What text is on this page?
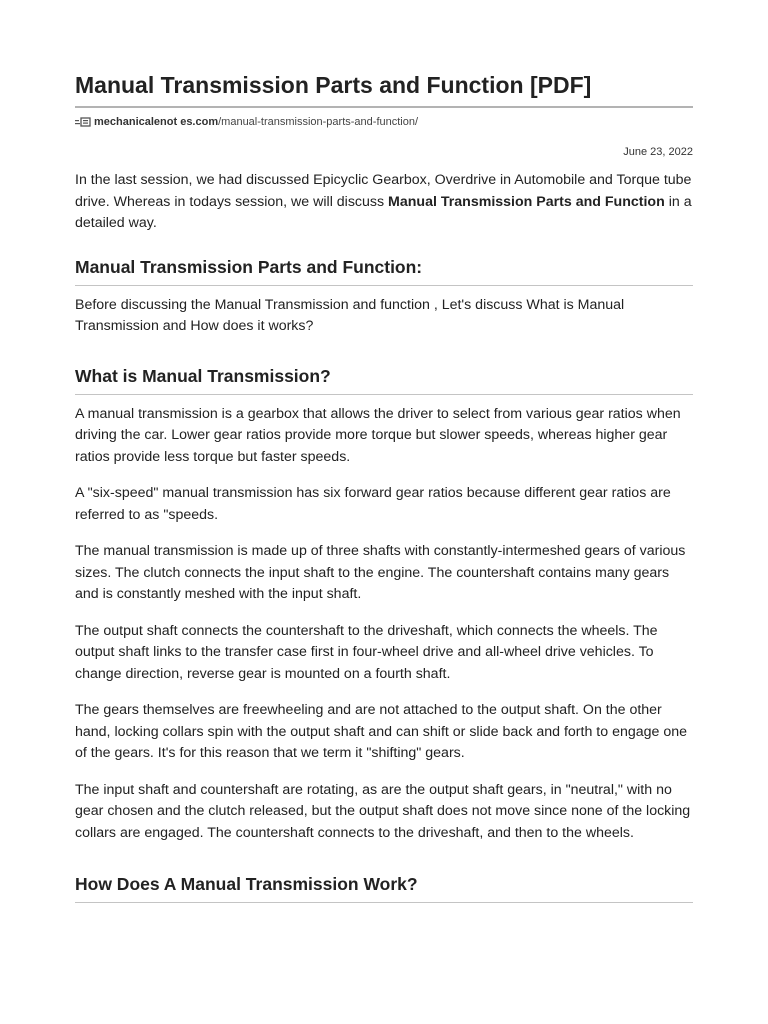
Manual Transmission Parts and Function [PDF]
mechanicalenot es.com /manual-transmission-parts-and-function/
June 23, 2022

In the last session, we had discussed Epicyclic Gearbox, Overdrive in Automobile and Torque tube drive. Whereas in todays session, we will discuss Manual Transmission Parts and Function in a detailed way.

Manual Transmission Parts and Function:

Before discussing the Manual Transmission and function , Let's discuss What is Manual Transmission and How does it works?

What is Manual Transmission?

A manual transmission is a gearbox that allows the driver to select from various gear ratios when driving the car. Lower gear ratios provide more torque but slower speeds, whereas higher gear ratios provide less torque but faster speeds.

A "six-speed" manual transmission has six forward gear ratios because different gear ratios are referred to as "speeds.

The manual transmission is made up of three shafts with constantly-intermeshed gears of various sizes. The clutch connects the input shaft to the engine. The countershaft contains many gears and is constantly meshed with the input shaft.

The output shaft connects the countershaft to the driveshaft, which connects the wheels. The output shaft links to the transfer case first in four-wheel drive and all-wheel drive vehicles. To change direction, reverse gear is mounted on a fourth shaft.

The gears themselves are freewheeling and are not attached to the output shaft. On the other hand, locking collars spin with the output shaft and can shift or slide back and forth to engage one of the gears. It's for this reason that we term it "shifting" gears.

The input shaft and countershaft are rotating, as are the output shaft gears, in "neutral," with no gear chosen and the clutch released, but the output shaft does not move since none of the locking collars are engaged. The countershaft connects to the driveshaft, and then to the wheels.

How Does A Manual Transmission Work?
